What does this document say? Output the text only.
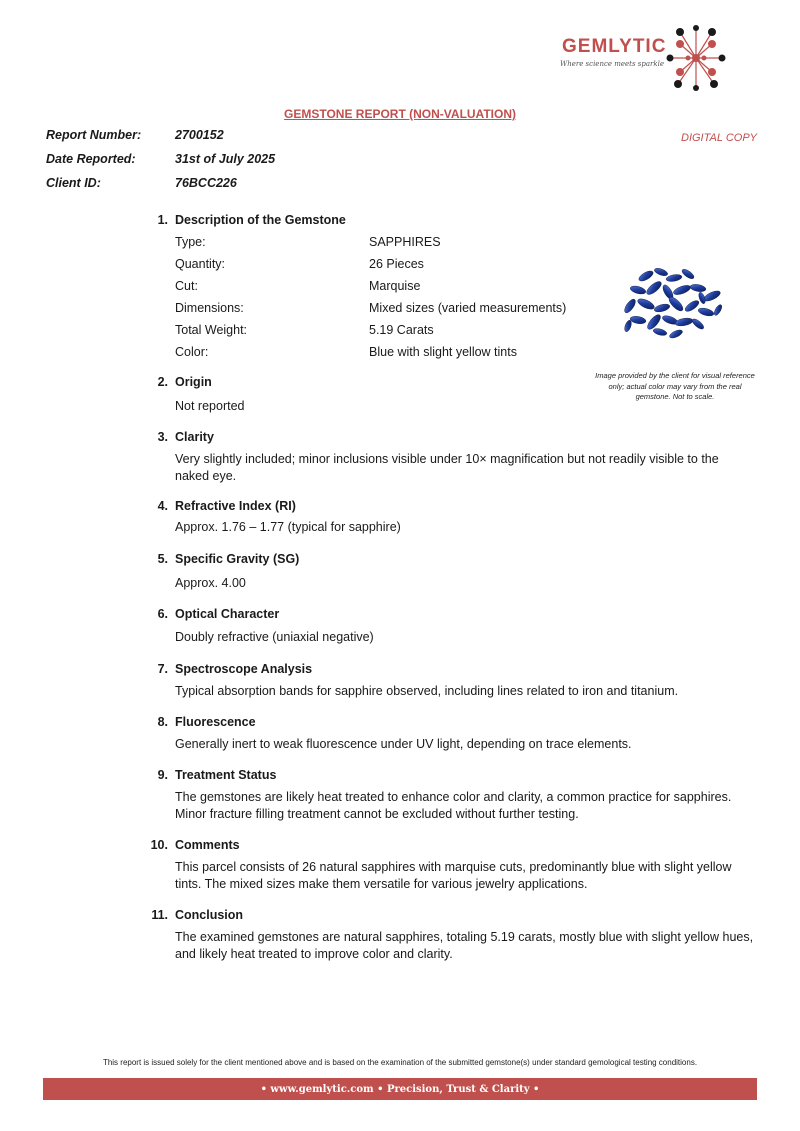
GEMLYTIC
Where science meets sparkle
GEMSTONE REPORT (NON-VALUATION)
DIGITAL COPY
Report Number:	2700152
Date Reported:	31st of July 2025
Client ID:	76BCC226
1. Description of the Gemstone
Type:	SAPPHIRES
Quantity:	26 Pieces
Cut:	Marquise
Dimensions:	Mixed sizes (varied measurements)
Total Weight:	5.19 Carats
Color:	Blue with slight yellow tints
Image provided by the client for visual reference only; actual color may vary from the real gemstone. Not to scale.
2. Origin
Not reported
3. Clarity
Very slightly included; minor inclusions visible under 10× magnification but not readily visible to the naked eye.
4. Refractive Index (RI)
Approx. 1.76 – 1.77 (typical for sapphire)
5. Specific Gravity (SG)
Approx. 4.00
6. Optical Character
Doubly refractive (uniaxial negative)
7. Spectroscope Analysis
Typical absorption bands for sapphire observed, including lines related to iron and titanium.
8. Fluorescence
Generally inert to weak fluorescence under UV light, depending on trace elements.
9. Treatment Status
The gemstones are likely heat treated to enhance color and clarity, a common practice for sapphires. Minor fracture filling treatment cannot be excluded without further testing.
10. Comments
This parcel consists of 26 natural sapphires with marquise cuts, predominantly blue with slight yellow tints. The mixed sizes make them versatile for various jewelry applications.
11. Conclusion
The examined gemstones are natural sapphires, totaling 5.19 carats, mostly blue with slight yellow hues, and likely heat treated to improve color and clarity.
This report is issued solely for the client mentioned above and is based on the examination of the submitted gemstone(s) under standard gemological testing conditions.
• www.gemlytic.com • Precision, Trust & Clarity •
